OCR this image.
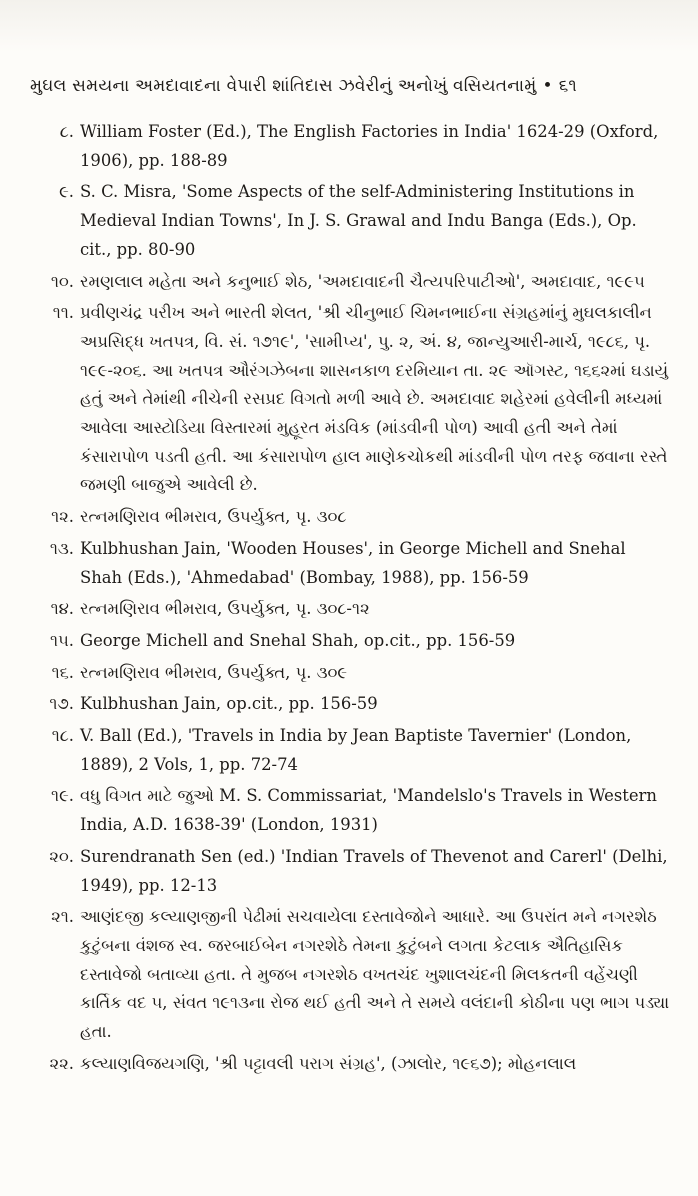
મુઘલ સમયના અમદાવાદના વેપારી શાંતિદાસ ઝવેરીનું અનોખું વસિયતનામું • ૬૧
૮. William Foster (Ed.), The English Factories in India' 1624-29 (Oxford, 1906), pp. 188-89
૯. S. C. Misra, 'Some Aspects of the self-Administering Institutions in Medieval Indian Towns', In J. S. Grawal and Indu Banga (Eds.), Op. cit., pp. 80-90
૧૦. રમણલાલ મહેતા અને કનુભાઈ શેઠ, 'અમદાવાદની ચૈત્યપરિપાટીઓ', અમદાવાદ, ૧૯૯૫
૧૧. પ્રવીણચંદ્ર પરીખ અને ભારતી શેલત, 'શ્રી ચીનુભાઈ ચિમનભાઈના સંગ્રહમાંનું મુઘલકાલીન અપ્રસિદ્ધ ખતપત્ર, વિ. સં. ૧૭૧૯', 'સામીપ્ય', પુ. ૨, અં. ૪, જાન્યુઆરી-માર્ચ, ૧૯૮૬, પૃ. ૧૯૯-૨૦૬. આ ખતપત્ર ઔરંગઝેબના શાસનકાળ દરમિયાન તા. ૨૯ ઑગસ્ટ, ૧૬૬૨માં ઘડાયું હતું અને તેમાંથી નીચેની રસપ્રદ વિગતો મળી આવે છે. અમદાવાદ શહેરમાં હવેલીની મધ્યમાં આવેલા આસ્ટોડિયા વિસ્તારમાં મુહૂરત મંડવિક (માંડવીની પોળ) આવી હતી અને તેમાં કંસારાપોળ પડતી હતી. આ કંસારાપોળ હાલ માણેકચોકથી માંડવીની પોળ તરફ જવાના રસ્તે જમણી બાજુએ આવેલી છે.
૧૨. રત્નમણિરાવ ભીમરાવ, ઉપર્યુક્ત, પૃ. ૩૦૮
૧૩. Kulbhushan Jain, 'Wooden Houses', in George Michell and Snehal Shah (Eds.), 'Ahmedabad' (Bombay, 1988), pp. 156-59
૧૪. રત્નમણિરાવ ભીમરાવ, ઉપર્યુક્ત, પૃ. ૩૦૮-૧૨
૧૫. George Michell and Snehal Shah, op.cit., pp. 156-59
૧૬. રત્નમણિરાવ ભીમરાવ, ઉપર્યુક્ત, પૃ. ૩૦૯
૧૭. Kulbhushan Jain, op.cit., pp. 156-59
૧૮. V. Ball (Ed.), 'Travels in India by Jean Baptiste Tavernier' (London, 1889), 2 Vols, 1, pp. 72-74
૧૯. વધુ વિગત માટે જુઓ M. S. Commissariat, 'Mandelslo's Travels in Western India, A.D. 1638-39' (London, 1931)
૨૦. Surendranath Sen (ed.) 'Indian Travels of Thevenot and Carerl' (Delhi, 1949), pp. 12-13
૨૧. આણંદજી કલ્યાણજીની પેઢીમાં સચવાયેલા દસ્તાવેજોને આધારે. આ ઉપરાંત મને નગરશેઠ કુટુંબના વંશજ સ્વ. જરબાઈબેન નગરશેઠે તેમના કુટુંબને લગતા કેટલાક ઐતિહાસિક દસ્તાવેજો બતાવ્યા હતા. તે મુજબ નગરશેઠ વખતચંદ ખુશાલચંદની મિલકતની વહેંચણી કાર્તિક વદ ૫, સંવત ૧૯૧૩ના રોજ થઈ હતી અને તે સમયે વલંદાની કોઠીના પણ ભાગ પડ્યા હતા.
૨૨. કલ્યાણવિજયગણિ, 'શ્રી પટ્ટાવલી પરાગ સંગ્રહ', (ઝાલોર, ૧૯૬૭); મોહનલાલ
